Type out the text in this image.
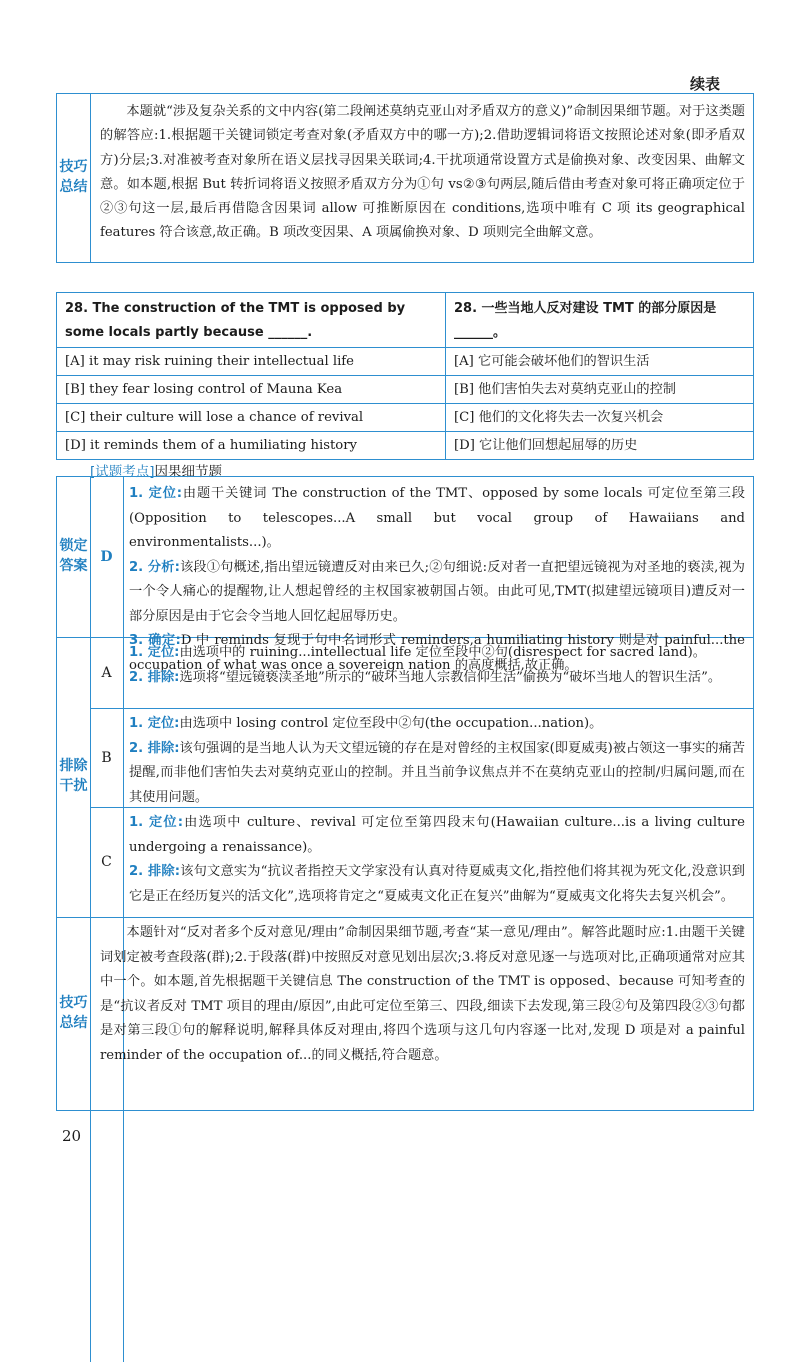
续表
技巧总结
本题就“涉及复杂关系的文中内容(第二段阐述莫纳克亚山对矛盾双方的意义)”命制因果细节题。对于这类题的解答应:1.根据题干关键词锁定考查对象(矛盾双方中的哪一方);2.借助逻辑词将语文按照论述对象(即矛盾双方)分层;3.对准被考查对象所在语义层找寻因果关联词;4.干扰项通常设置方式是偷换对象、改变因果、曲解文意。如本题,根据 But 转折词将语义按照矛盾双方分为①句 vs②③句两层,随后借由考查对象可将正确项定位于②③句这一层,最后再借隐含因果词 allow 可推断原因在 conditions,选项中唯有 C 项 its geographical features 符合该意,故正确。B 项改变因果、A 项属偷换对象、D 项则完全曲解文意。
28. The construction of the TMT is opposed by some locals partly because ______.	28. 一些当地人反对建设 TMT 的部分原因是______。
[A] it may risk ruining their intellectual life	[A] 它可能会破坏他们的智识生活
[B] they fear losing control of Mauna Kea	[B] 他们害怕失去对莫纳克亚山的控制
[C] their culture will lose a chance of revival	[C] 他们的文化将失去一次复兴机会
[D] it reminds them of a humiliating history	[D] 它让他们回想起屈辱的历史
[试题考点]因果细节题
锁定答案
D

1. 定位:由题干关键词 The construction of the TMT、opposed by some locals 可定位至第三段(Opposition to telescopes...A small but vocal group of Hawaiians and environmentalists...)。

2. 分析:该段①句概述,指出望远镜遭反对由来已久;②句细说:反对者一直把望远镜视为对圣地的亵渎,视为一个令人痛心的提醒物,让人想起曾经的主权国家被朝国占领。由此可见,TMT(拟建望远镜项目)遭反对一部分原因是由于它会令当地人回忆起屈辱历史。

3. 确定:D 中 reminds 复现于句中名词形式 reminders,a humiliating history 则是对 painful...the occupation of what was once a sovereign nation 的高度概括,故正确。

排除干扰
A

1. 定位:由选项中的 ruining...intellectual life 定位至段中②句(disrespect for sacred land)。

2. 排除:选项将“望远镜亵渎圣地”所示的“破坏当地人宗教信仰生活”偷换为“破坏当地人的智识生活”。

B

1. 定位:由选项中 losing control 定位至段中②句(the occupation...nation)。

2. 排除:该句强调的是当地人认为天文望远镜的存在是对曾经的主权国家(即夏威夷)被占领这一事实的痛苦提醒,而非他们害怕失去对莫纳克亚山的控制。并且当前争议焦点并不在莫纳克亚山的控制/归属问题,而在其使用问题。

C

1. 定位:由选项中 culture、revival 可定位至第四段末句(Hawaiian culture...is a living culture undergoing a renaissance)。

2. 排除:该句文意实为“抗议者指控天文学家没有认真对待夏威夷文化,指控他们将其视为死文化,没意识到它是正在经历复兴的活文化”,选项将肯定之“夏威夷文化正在复兴”曲解为“夏威夷文化将失去复兴机会”。

技巧总结
本题针对“反对者多个反对意见/理由”命制因果细节题,考查“某一意见/理由”。解答此题时应:1.由题干关键词划定被考查段落(群);2.于段落(群)中按照反对意见划出层次;3.将反对意见逐一与选项对比,正确项通常对应其中一个。如本题,首先根据题干关键信息 The construction of the TMT is opposed、because 可知考查的是“抗议者反对 TMT 项目的理由/原因”,由此可定位至第三、四段,细读下去发现,第三段②句及第四段②③句都是对第三段①句的解释说明,解释具体反对理由,将四个选项与这几句内容逐一比对,发现 D 项是对 a painful reminder of the occupation of...的同义概括,符合题意。
20
